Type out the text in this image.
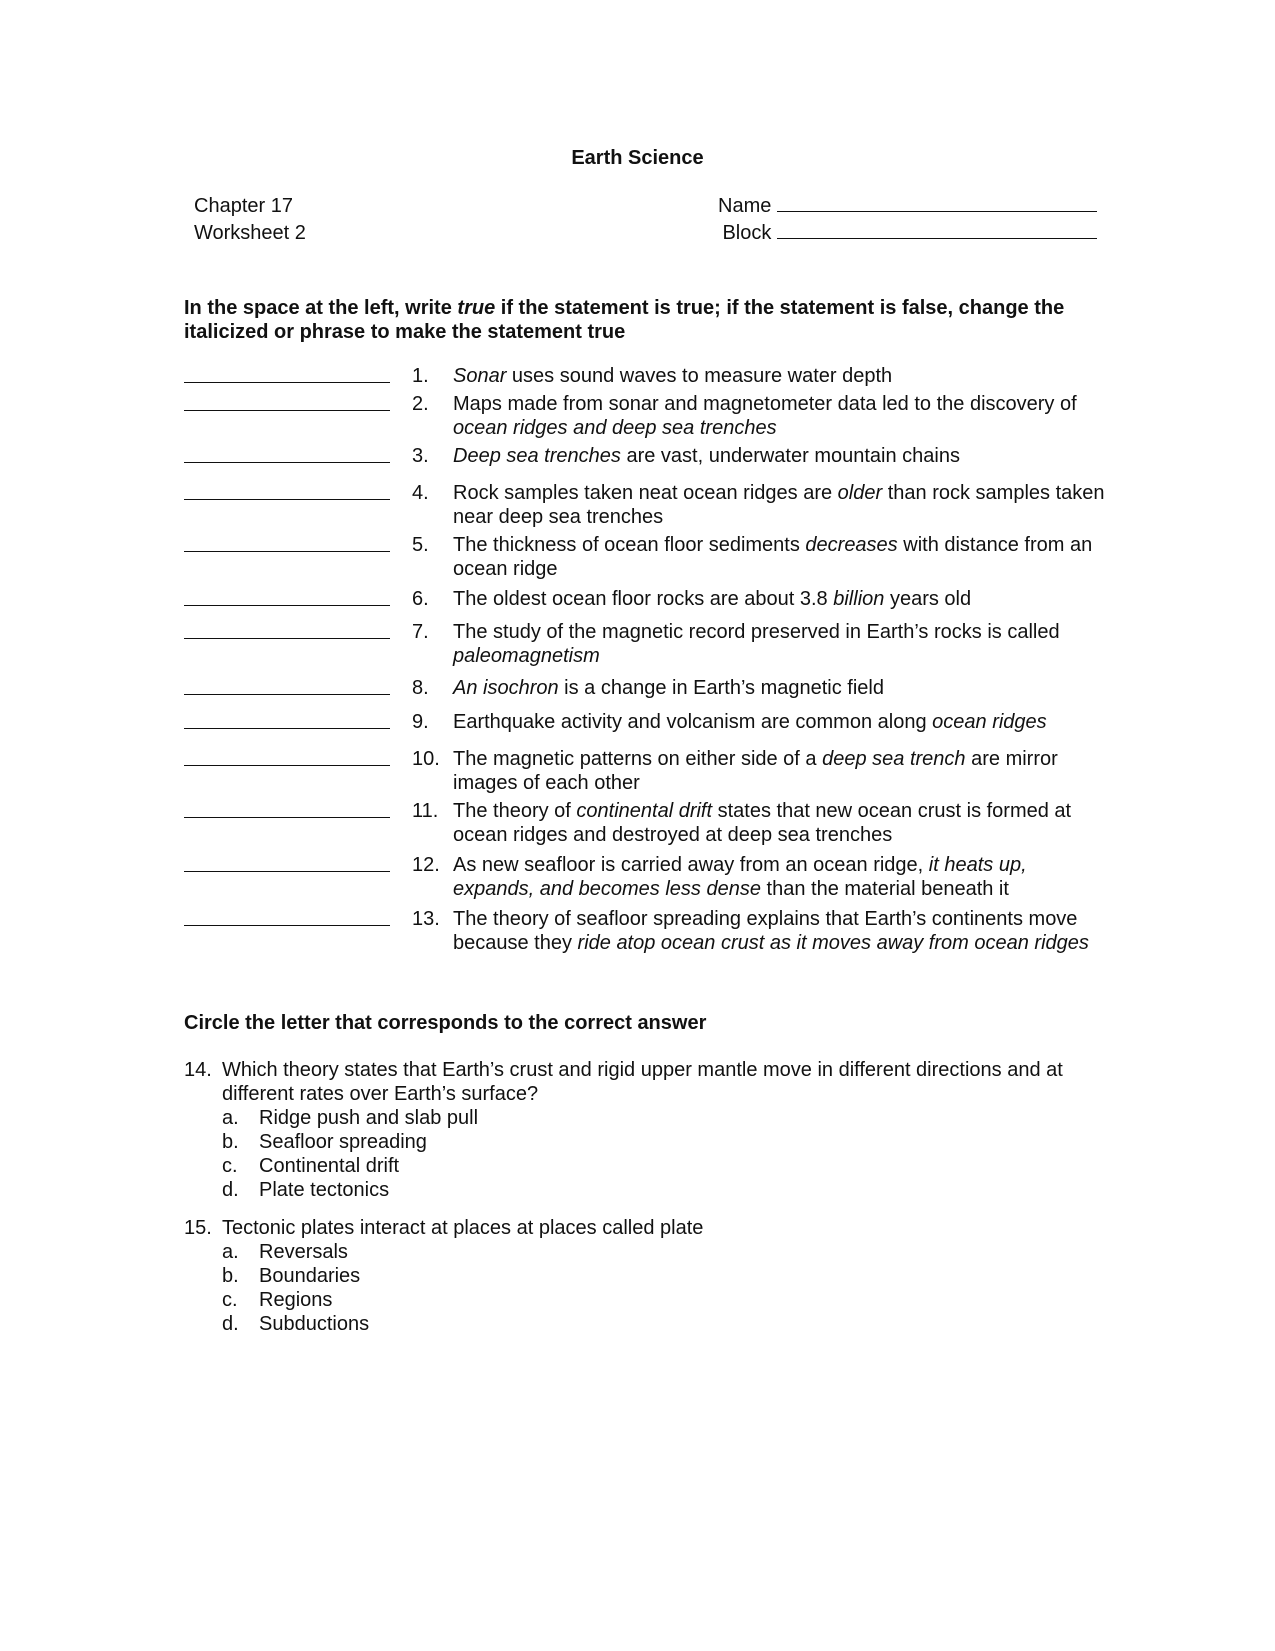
Earth Science
Chapter 17
Worksheet 2
Name
Block
In the space at the left, write true if the statement is true; if the statement is false, change the italicized or phrase to make the statement true
1.	Sonar uses sound waves to measure water depth
2.	Maps made from sonar and magnetometer data led to the discovery of ocean ridges and deep sea trenches
3.	Deep sea trenches are vast, underwater mountain chains
4.	Rock samples taken neat ocean ridges are older than rock samples taken near deep sea trenches
5.	The thickness of ocean floor sediments decreases with distance from an ocean ridge
6.	The oldest ocean floor rocks are about 3.8 billion years old
7.	The study of the magnetic record preserved in Earth’s rocks is called paleomagnetism
8.	An isochron is a change in Earth’s magnetic field
9.	Earthquake activity and volcanism are common along ocean ridges
10. The magnetic patterns on either side of a deep sea trench are mirror images of each other
11. The theory of continental drift states that new ocean crust is formed at ocean ridges and destroyed at deep sea trenches
12. As new seafloor is carried away from an ocean ridge, it heats up, expands, and becomes less dense than the material beneath it
13. The theory of seafloor spreading explains that Earth’s continents move because they ride atop ocean crust as it moves away from ocean ridges
Circle the letter that corresponds to the correct answer
14. Which theory states that Earth’s crust and rigid upper mantle move in different directions and at different rates over Earth’s surface?
a.	Ridge push and slab pull
b.	Seafloor spreading
c.	Continental drift
d.	Plate tectonics
15. Tectonic plates interact at places at places called plate
a.	Reversals
b.	Boundaries
c.	Regions
d.	Subductions
